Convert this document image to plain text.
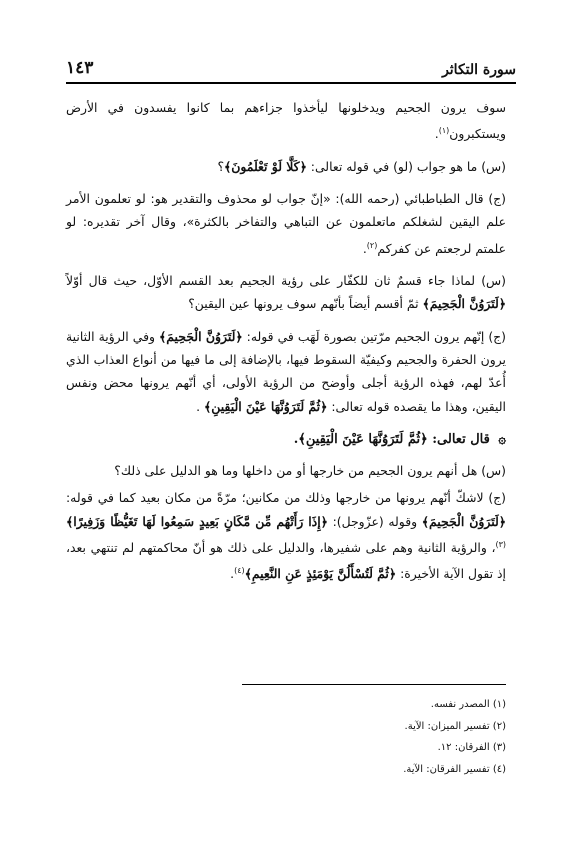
سورة التكاثر
١٤٣

سوف يرون الجحيم ويدخلونها ليأخذوا جزاءهم بما كانوا يفسدون في الأرض ويستكبرون$^{(١)}$.

(س) ما هو جواب (لو) في قوله تعالى: ﴿كَلَّا لَوْ تَعْلَمُونَ﴾؟

(ج) قال الطباطبائي (رحمه الله): «إنّ جواب لو محذوف والتقدير هو: لو تعلمون الأمر علم اليقين لشغلكم ماتعلمون عن التباهي والتفاخر بالكثرة»، وقال آخر تقديره: لو علمتم لرجعتم عن كفركم$^{(٢)}$.

(س) لماذا جاء قسمٌ ثان للكفّار على رؤية الجحيم بعد القسم الأوّل، حيث قال أوّلاً ﴿لَتَرَوُنَّ الْجَحِيمَ﴾ ثمّ أقسم أيضاً بأنّهم سوف يرونها عين اليقين؟

(ج) إنّهم يرون الجحيم مرّتين بصورة لَهَب في قوله: ﴿لَتَرَوُنَّ الْجَحِيمَ﴾ وفي الرؤية الثانية يرون الحفرة والجحيم وكيفيّة السقوط فيها، بالإضافة إلى ما فيها من أنواع العذاب الذي أُعدّ لهم، فهذه الرؤية أجلى وأوضح من الرؤية الأولى، أي أنّهم يرونها محض ونفس اليقين، وهذا ما يقصده قوله تعالى: ﴿ثُمَّ لَتَرَوُنَّهَا عَيْنَ الْيَقِينِ﴾ .

۞ قال تعالى: ﴿ثُمَّ لَتَرَوُنَّهَا عَيْنَ الْيَقِينِ﴾.

(س) هل أنهم يرون الجحيم من خارجها أو من داخلها وما هو الدليل على ذلك؟

(ج) لاشكّ أنّهم يرونها من خارجها وذلك من مكانين؛ مرّةً من مكان بعيد كما في قوله: ﴿لَتَرَوُنَّ الْجَحِيمَ﴾ وقوله (عزّوجل): ﴿إِذَا رَأَتْهُم مِّن مَّكَانٍ بَعِيدٍ سَمِعُوا لَهَا تَغَيُّظًا وَزَفِيرًا﴾$^{(٣)}$، والرؤية الثانية وهم على شفيرها، والدليل على ذلك هو أنّ محاكمتهم لم تنتهي بعد، إذ تقول الآية الأخيرة: ﴿ثُمَّ لَتُسْأَلُنَّ يَوْمَئِذٍ عَنِ النَّعِيمِ﴾$^{(٤)}$.

(١) المصدر نفسه.
(٢) تفسير الميزان: الآية.
(٣) الفرقان: ١٢.
(٤) تفسير الفرقان: الآية.
